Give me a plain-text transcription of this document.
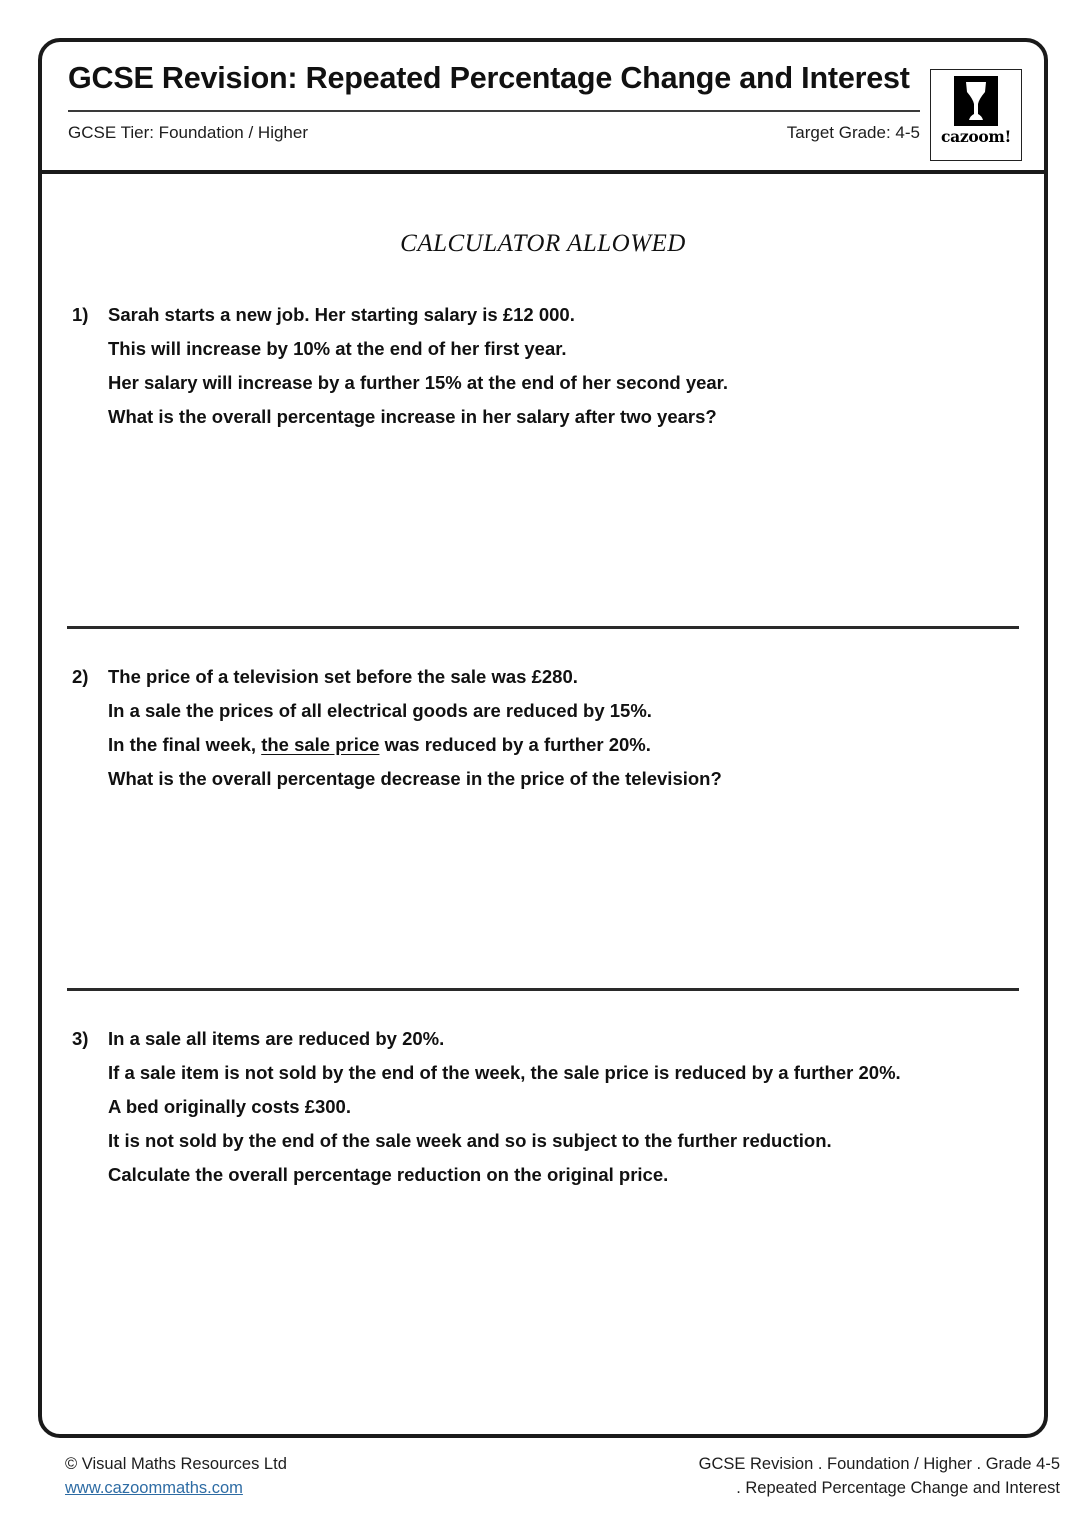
GCSE Revision: Repeated Percentage Change and Interest
GCSE Tier: Foundation / Higher	Target Grade: 4-5 cazoom!
CALCULATOR ALLOWED
1)	Sarah starts a new job. Her starting salary is £12 000.
This will increase by 10% at the end of her first year.
Her salary will increase by a further 15% at the end of her second year.
What is the overall percentage increase in her salary after two years?
2)	The price of a television set before the sale was £280.
In a sale the prices of all electrical goods are reduced by 15%.
In the final week, the sale price was reduced by a further 20%.
What is the overall percentage decrease in the price of the television?
3)	In a sale all items are reduced by 20%.
If a sale item is not sold by the end of the week, the sale price is reduced by a further 20%.
A bed originally costs £300.
It is not sold by the end of the sale week and so is subject to the further reduction.
Calculate the overall percentage reduction on the original price.
© Visual Maths Resources Ltd
www.cazoommaths.com
GCSE Revision . Foundation / Higher . Grade 4-5
. Repeated Percentage Change and Interest
